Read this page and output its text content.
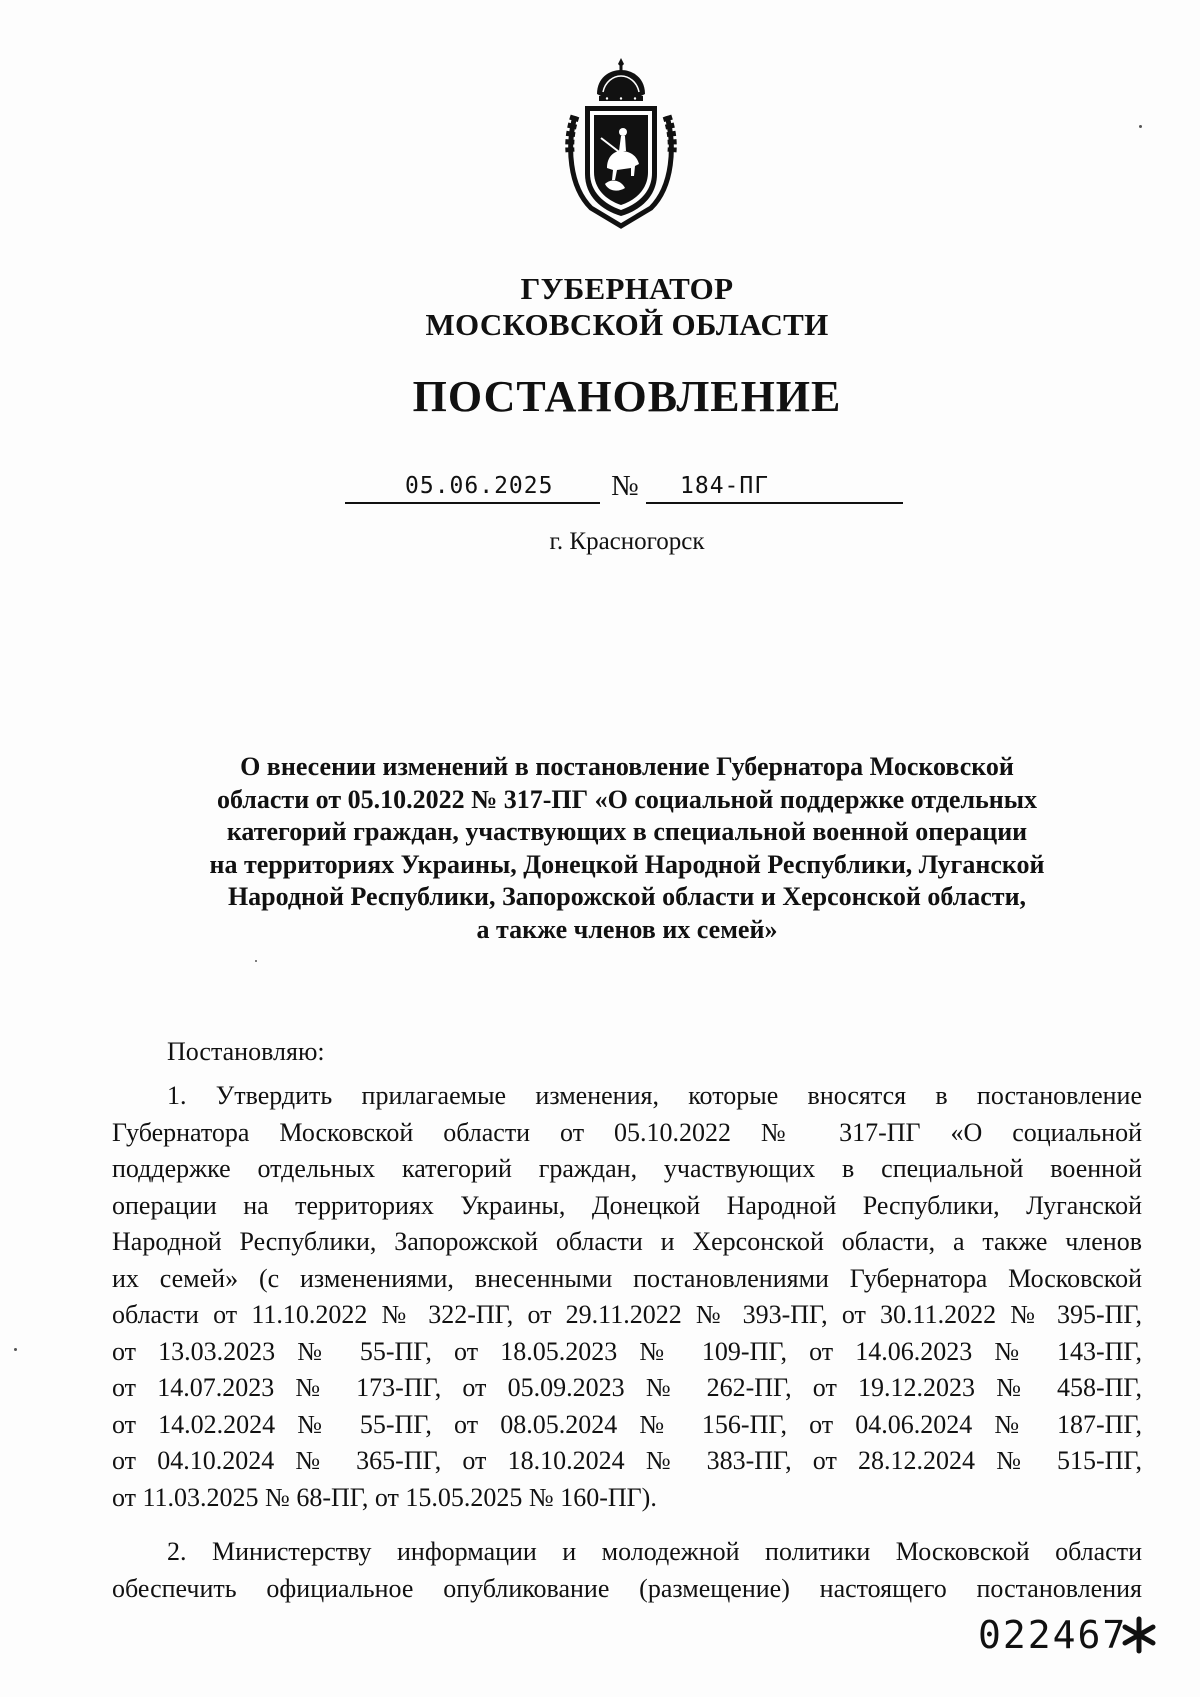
ГУБЕРНАТОР
МОСКОВСКОЙ ОБЛАСТИ
ПОСТАНОВЛЕНИЕ
05.06.2025 № 184-ПГ
г. Красногорск
О внесении изменений в постановление Губернатора Московской
области от 05.10.2022 № 317-ПГ «О социальной поддержке отдельных
категорий граждан, участвующих в специальной военной операции
на территориях Украины, Донецкой Народной Республики, Луганской
Народной Республики, Запорожской области и Херсонской области,
а также членов их семей»
Постановляю:
1. Утвердить прилагаемые изменения, которые вносятся в постановление
Губернатора Московской области от 05.10.2022 № 317-ПГ «О социальной
поддержке отдельных категорий граждан, участвующих в специальной военной
операции на территориях Украины, Донецкой Народной Республики, Луганской
Народной Республики, Запорожской области и Херсонской области, а также членов
их семей» (с изменениями, внесенными постановлениями Губернатора Московской
области от 11.10.2022 № 322-ПГ, от 29.11.2022 № 393-ПГ, от 30.11.2022 № 395-ПГ,
от 13.03.2023 № 55-ПГ, от 18.05.2023 № 109-ПГ, от 14.06.2023 № 143-ПГ,
от 14.07.2023 № 173-ПГ, от 05.09.2023 № 262-ПГ, от 19.12.2023 № 458-ПГ,
от 14.02.2024 № 55-ПГ, от 08.05.2024 № 156-ПГ, от 04.06.2024 № 187-ПГ,
от 04.10.2024 № 365-ПГ, от 18.10.2024 № 383-ПГ, от 28.12.2024 № 515-ПГ,
от 11.03.2025 № 68-ПГ, от 15.05.2025 № 160-ПГ).
2. Министерству информации и молодежной политики Московской области
обеспечить официальное опубликование (размещение) настоящего постановления
022467
